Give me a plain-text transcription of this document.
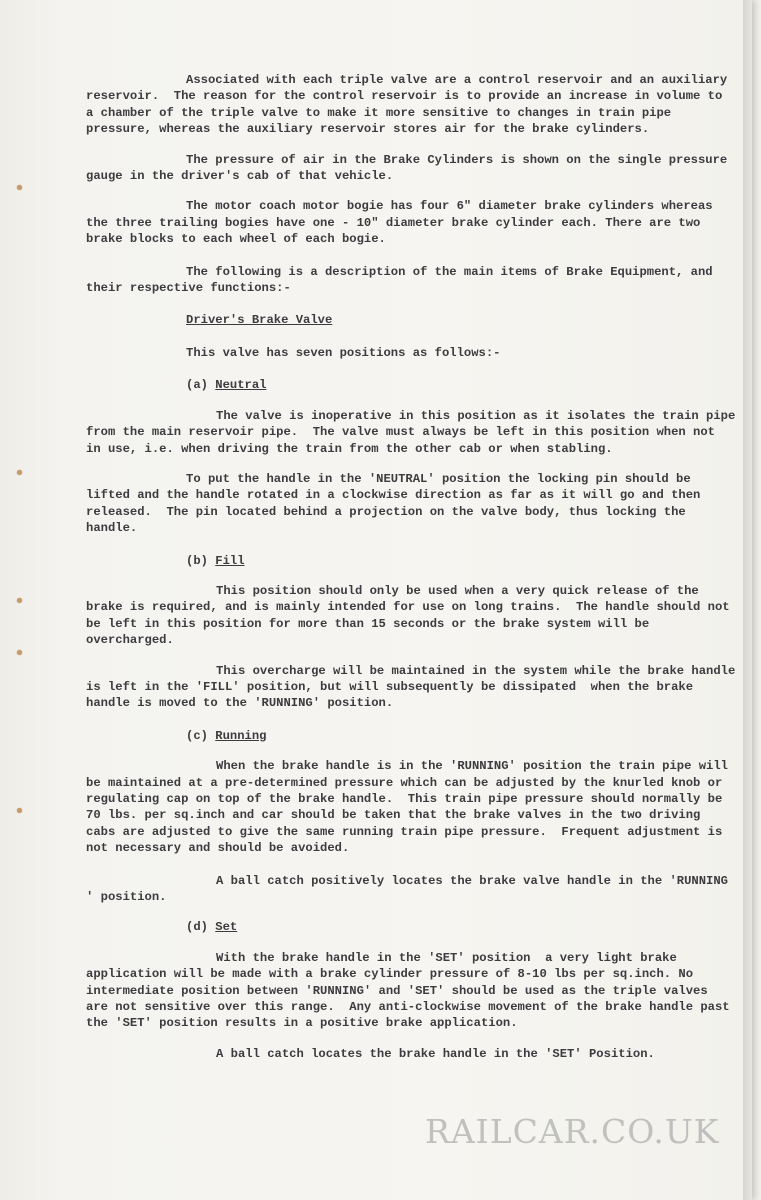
Associated with each triple valve are a control reservoir and an auxiliary reservoir.  The reason for the control reservoir is to provide an increase in volume to a chamber of the triple valve to make it more sensitive to changes in train pipe pressure, whereas the auxiliary reservoir stores air for the brake cylinders.

The pressure of air in the Brake Cylinders is shown on the single pressure gauge in the driver's cab of that vehicle.

The motor coach motor bogie has four 6" diameter brake cylinders whereas the three trailing bogies have one - 10" diameter brake cylinder each. There are two brake blocks to each wheel of each bogie.

The following is a description of the main items of Brake Equipment, and their respective functions:-

Driver's Brake Valve

This valve has seven positions as follows:-

(a) Neutral

The valve is inoperative in this position as it isolates the train pipe from the main reservoir pipe.  The valve must always be left in this position when not in use, i.e. when driving the train from the other cab or when stabling.

To put the handle in the 'NEUTRAL' position the locking pin should be lifted and the handle rotated in a clockwise direction as far as it will go and then released.  The pin located behind a projection on the valve body, thus locking the handle.

(b) Fill

This position should only be used when a very quick release of the brake is required, and is mainly intended for use on long trains.  The handle should not be left in this position for more than 15 seconds or the brake system will be overcharged.

This overcharge will be maintained in the system while the brake handle is left in the 'FILL' position, but will subsequently be dissipated  when the brake handle is moved to the 'RUNNING' position.

(c) Running

When the brake handle is in the 'RUNNING' position the train pipe will be maintained at a pre-determined pressure which can be adjusted by the knurled knob or regulating cap on top of the brake handle.  This train pipe pressure should normally be 70 lbs. per sq.inch and car should be taken that the brake valves in the two driving cabs are adjusted to give the same running train pipe pressure.  Frequent adjustment is not necessary and should be avoided.

A ball catch positively locates the brake valve handle in the 'RUNNING ' position.

(d) Set

With the brake handle in the 'SET' position  a very light brake application will be made with a brake cylinder pressure of 8-10 lbs per sq.inch. No intermediate position between 'RUNNING' and 'SET' should be used as the triple valves are not sensitive over this range.  Any anti-clockwise movement of the brake handle past the 'SET' position results in a positive brake application.

A ball catch locates the brake handle in the 'SET' Position.

RAILCAR.CO.UK
